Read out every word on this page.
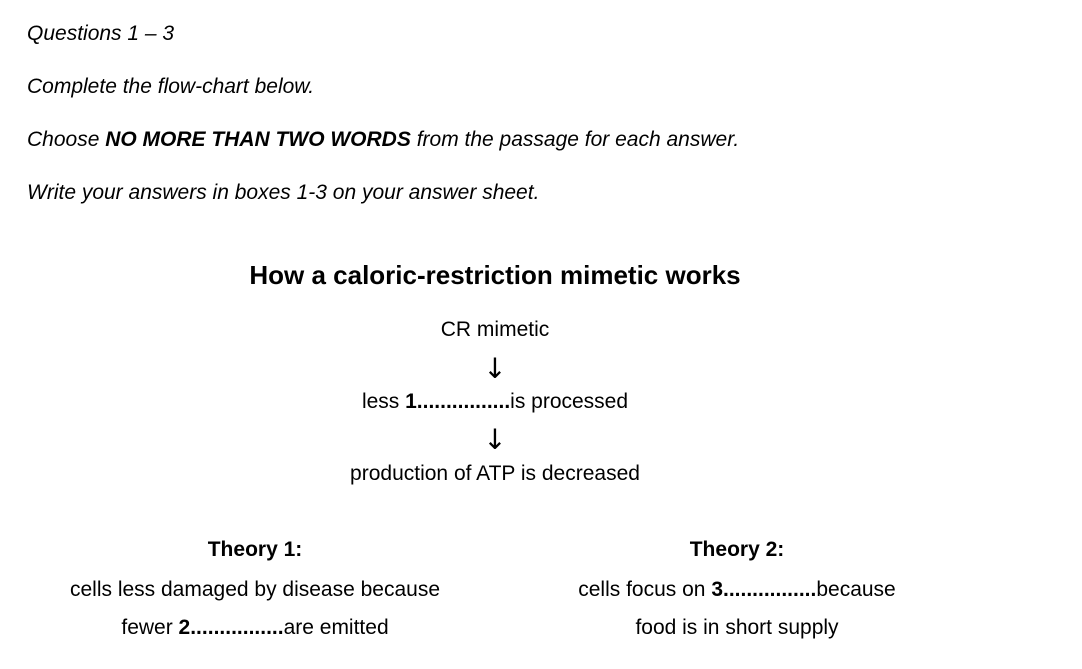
Questions 1 – 3
Complete the flow-chart below.
Choose NO MORE THAN TWO WORDS from the passage for each answer.
Write your answers in boxes 1-3 on your answer sheet.
How a caloric-restriction mimetic works
CR mimetic
↓
less 1................is processed
↓
production of ATP is decreased
Theory 1:
cells less damaged by disease because
fewer 2................are emitted
Theory 2:
cells focus on 3................because
food is in short supply
